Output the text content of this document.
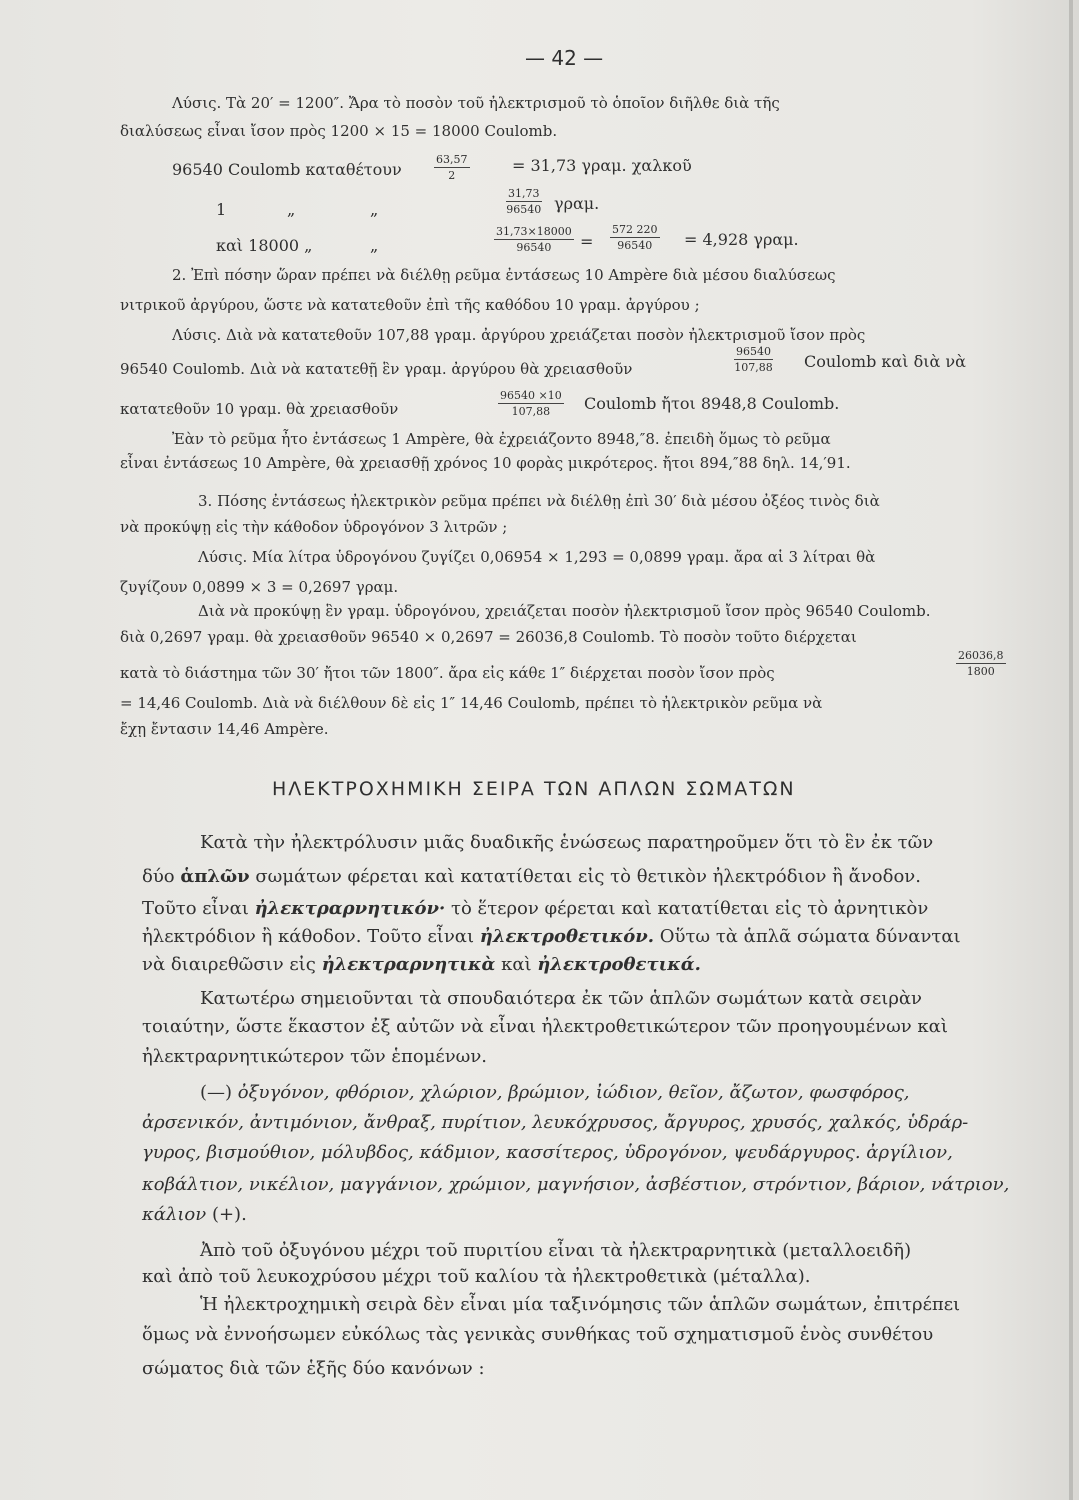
— 42 —
Λύσις. Τὰ 20′ = 1200″. Ἄρα τὸ ποσὸν τοῦ ἠλεκτρισμοῦ τὸ ὁποῖον διῆλθε διὰ τῆς
διαλύσεως εἶναι ἴσον πρὸς 1200 × 15 = 18000 Coulomb.
96540 Coulomb καταθέτουν	$\frac{63,57}{2}$	= 31,73 γραμ. χαλκοῦ
1	„	„	$\frac{31,73}{96540} \gamma\rho\alpha\mu$.
καὶ 18000 „	„	$\frac{31,73\times 18000}{96540} = \frac{572 220}{96540} = 4,928$ γραμ.
2. Ἐπὶ πόσην ὥραν πρέπει νὰ διέλθῃ ρεῦμα ἐντάσεως 10 Ampère διὰ μέσου διαλύσεως
νιτρικοῦ ἀργύρου, ὥστε νὰ κατατεθοῦν ἐπὶ τῆς καθόδου 10 γραμ. ἀργύρου ;
Λύσις. Διὰ νὰ κατατεθοῦν 107,88 γραμ. ἀργύρου χρειάζεται ποσὸν ἠλεκτρισμοῦ ἴσον πρὸς
96540 Coulomb. Διὰ νὰ κατατεθῇ ἓν γραμ. ἀργύρου θὰ χρειασθοῦν	$\frac{96540}{107,88}$ Coulomb καὶ διὰ νὰ
κατατεθοῦν 10 γραμ. θὰ χρειασθοῦν	$\frac{96540 \times 10}{107,88}$ Coulomb ἤτοι 8948,8 Coulomb.
Ἐὰν τὸ ρεῦμα ἦτο ἐντάσεως 1 Ampère, θὰ ἐχρειάζοντο 8948,″8. ἐπειδὴ ὅμως τὸ ρεῦμα
εἶναι ἐντάσεως 10 Ampère, θὰ χρειασθῇ χρόνος 10 φορὰς μικρότερος. ἤτοι 894,″88 δηλ. 14,′91.
3. Πόσης ἐντάσεως ἠλεκτρικὸν ρεῦμα πρέπει νὰ διέλθῃ ἐπὶ 30′ διὰ μέσου ὀξέος τινὸς διὰ
νὰ προκύψῃ εἰς τὴν κάθοδον ὑδρογόνον 3 λιτρῶν ;
Λύσις. Μία λίτρα ὑδρογόνου ζυγίζει 0,06954 × 1,293 = 0,0899 γραμ. ἄρα αἱ 3 λίτραι θὰ
ζυγίζουν 0,0899 × 3 = 0,2697 γραμ.
Διὰ νὰ προκύψῃ ἓν γραμ. ὑδρογόνου, χρειάζεται ποσὸν ἠλεκτρισμοῦ ἴσον πρὸς 96540 Coulomb.
διὰ 0,2697 γραμ. θὰ χρειασθοῦν 96540 × 0,2697 = 26036,8 Coulomb. Τὸ ποσὸν τοῦτο διέρχεται
κατὰ τὸ διάστημα τῶν 30′ ἤτοι τῶν 1800″. ἄρα εἰς κάθε 1″ διέρχεται ποσὸν ἴσον πρὸς	$\frac{26036,8}{1800}$
= 14,46 Coulomb. Διὰ νὰ διέλθουν δὲ εἰς 1″ 14,46 Coulomb, πρέπει τὸ ἠλεκτρικὸν ρεῦμα νὰ
ἔχῃ ἔντασιν 14,46 Ampère.
ΗΛΕΚΤΡΟΧΗΜΙΚΗ ΣΕΙΡΑ ΤΩΝ ΑΠΛΩΝ ΣΩΜΑΤΩΝ
Κατὰ τὴν ἠλεκτρόλυσιν μιᾶς δυαδικῆς ἑνώσεως παρατηροῦμεν ὅτι τὸ ἓν ἐκ τῶν
δύο ἁπλῶν σωμάτων φέρεται καὶ κατατίθεται εἰς τὸ θετικὸν ἠλεκτρόδιον ἢ ἄνοδον.
Τοῦτο εἶναι ἠλεκτραρνητικόν· τὸ ἕτερον φέρεται καὶ κατατίθεται εἰς τὸ ἀρνητικὸν
ἠλεκτρόδιον ἢ κάθοδον. Τοῦτο εἶναι ἠλεκτροθετικόν. Οὕτω τὰ ἁπλᾶ σώματα δύνανται
νὰ διαιρεθῶσιν εἰς ἠλεκτραρνητικὰ καὶ ἠλεκτροθετικά.
Κατωτέρω σημειοῦνται τὰ σπουδαιότερα ἐκ τῶν ἁπλῶν σωμάτων κατὰ σειρὰν
τοιαύτην, ὥστε ἕκαστον ἐξ αὐτῶν νὰ εἶναι ἠλεκτροθετικώτερον τῶν προηγουμένων καὶ
ἠλεκτραρνητικώτερον τῶν ἑπομένων.
(—) ὀξυγόνον, φθόριον, χλώριον, βρώμιον, ἰώδιον, θεῖον, ἄζωτον, φωσφόρος,
ἀρσενικόν, ἀντιμόνιον, ἄνθραξ, πυρίτιον, λευκόχρυσος, ἄργυρος, χρυσός, χαλκός, ὑδράρ-
γυρος, βισμούθιον, μόλυβδος, κάδμιον, κασσίτερος, ὑδρογόνον, ψευδάργυρος. ἀργίλιον,
κοβάλτιον, νικέλιον, μαγγάνιον, χρώμιον, μαγνήσιον, ἀσβέστιον, στρόντιον, βάριον, νάτριον,
κάλιον (+).
Ἀπὸ τοῦ ὀξυγόνου μέχρι τοῦ πυριτίου εἶναι τὰ ἠλεκτραρνητικὰ (μεταλλοειδῆ)
καὶ ἀπὸ τοῦ λευκοχρύσου μέχρι τοῦ καλίου τὰ ἠλεκτροθετικὰ (μέταλλα).
Ἡ ἠλεκτροχημικὴ σειρὰ δὲν εἶναι μία ταξινόμησις τῶν ἁπλῶν σωμάτων, ἐπιτρέπει
ὅμως νὰ ἐννοήσωμεν εὐκόλως τὰς γενικὰς συνθήκας τοῦ σχηματισμοῦ ἑνὸς συνθέτου
σώματος διὰ τῶν ἑξῆς δύο κανόνων :
